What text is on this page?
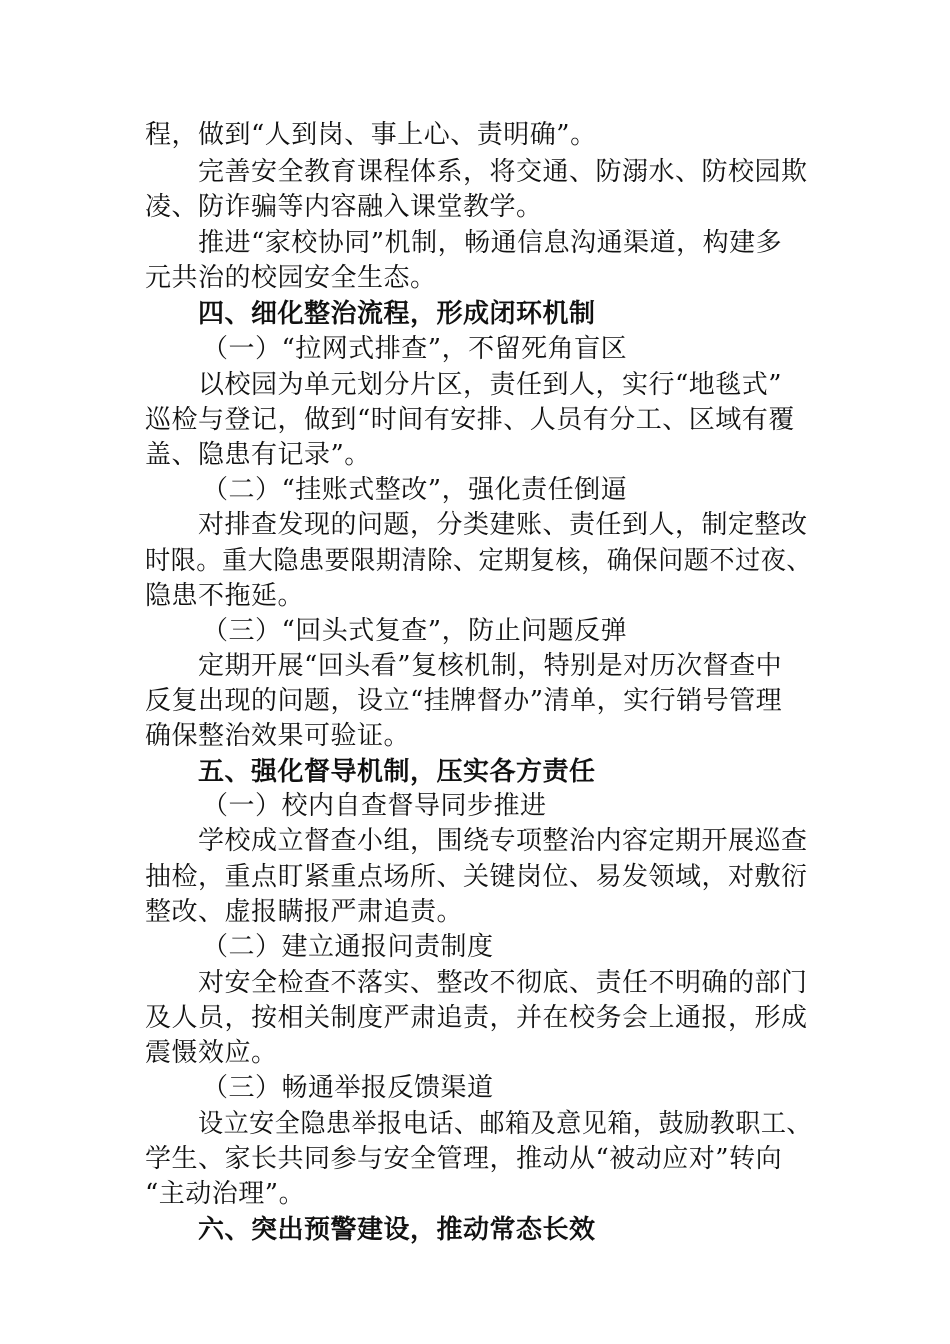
程，做到“人到岗、事上心、责明确”。
完善安全教育课程体系，将交通、防溺水、防校园欺
凌、防诈骗等内容融入课堂教学。
推进“家校协同”机制，畅通信息沟通渠道，构建多
元共治的校园安全生态。
四、细化整治流程，形成闭环机制
（一）“拉网式排查”，不留死角盲区
以校园为单元划分片区，责任到人，实行“地毯式”
巡检与登记，做到“时间有安排、人员有分工、区域有覆
盖、隐患有记录”。
（二）“挂账式整改”，强化责任倒逼
对排查发现的问题，分类建账、责任到人，制定整改
时限。重大隐患要限期清除、定期复核，确保问题不过夜、
隐患不拖延。
（三）“回头式复查”，防止问题反弹
定期开展“回头看”复核机制，特别是对历次督查中
反复出现的问题，设立“挂牌督办”清单，实行销号管理
确保整治效果可验证。
五、强化督导机制，压实各方责任
（一）校内自查督导同步推进
学校成立督查小组，围绕专项整治内容定期开展巡查
抽检，重点盯紧重点场所、关键岗位、易发领域，对敷衍
整改、虚报瞒报严肃追责。
（二）建立通报问责制度
对安全检查不落实、整改不彻底、责任不明确的部门
及人员，按相关制度严肃追责，并在校务会上通报，形成
震慑效应。
（三）畅通举报反馈渠道
设立安全隐患举报电话、邮箱及意见箱，鼓励教职工、
学生、家长共同参与安全管理，推动从“被动应对”转向
“主动治理”。
六、突出预警建设，推动常态长效
